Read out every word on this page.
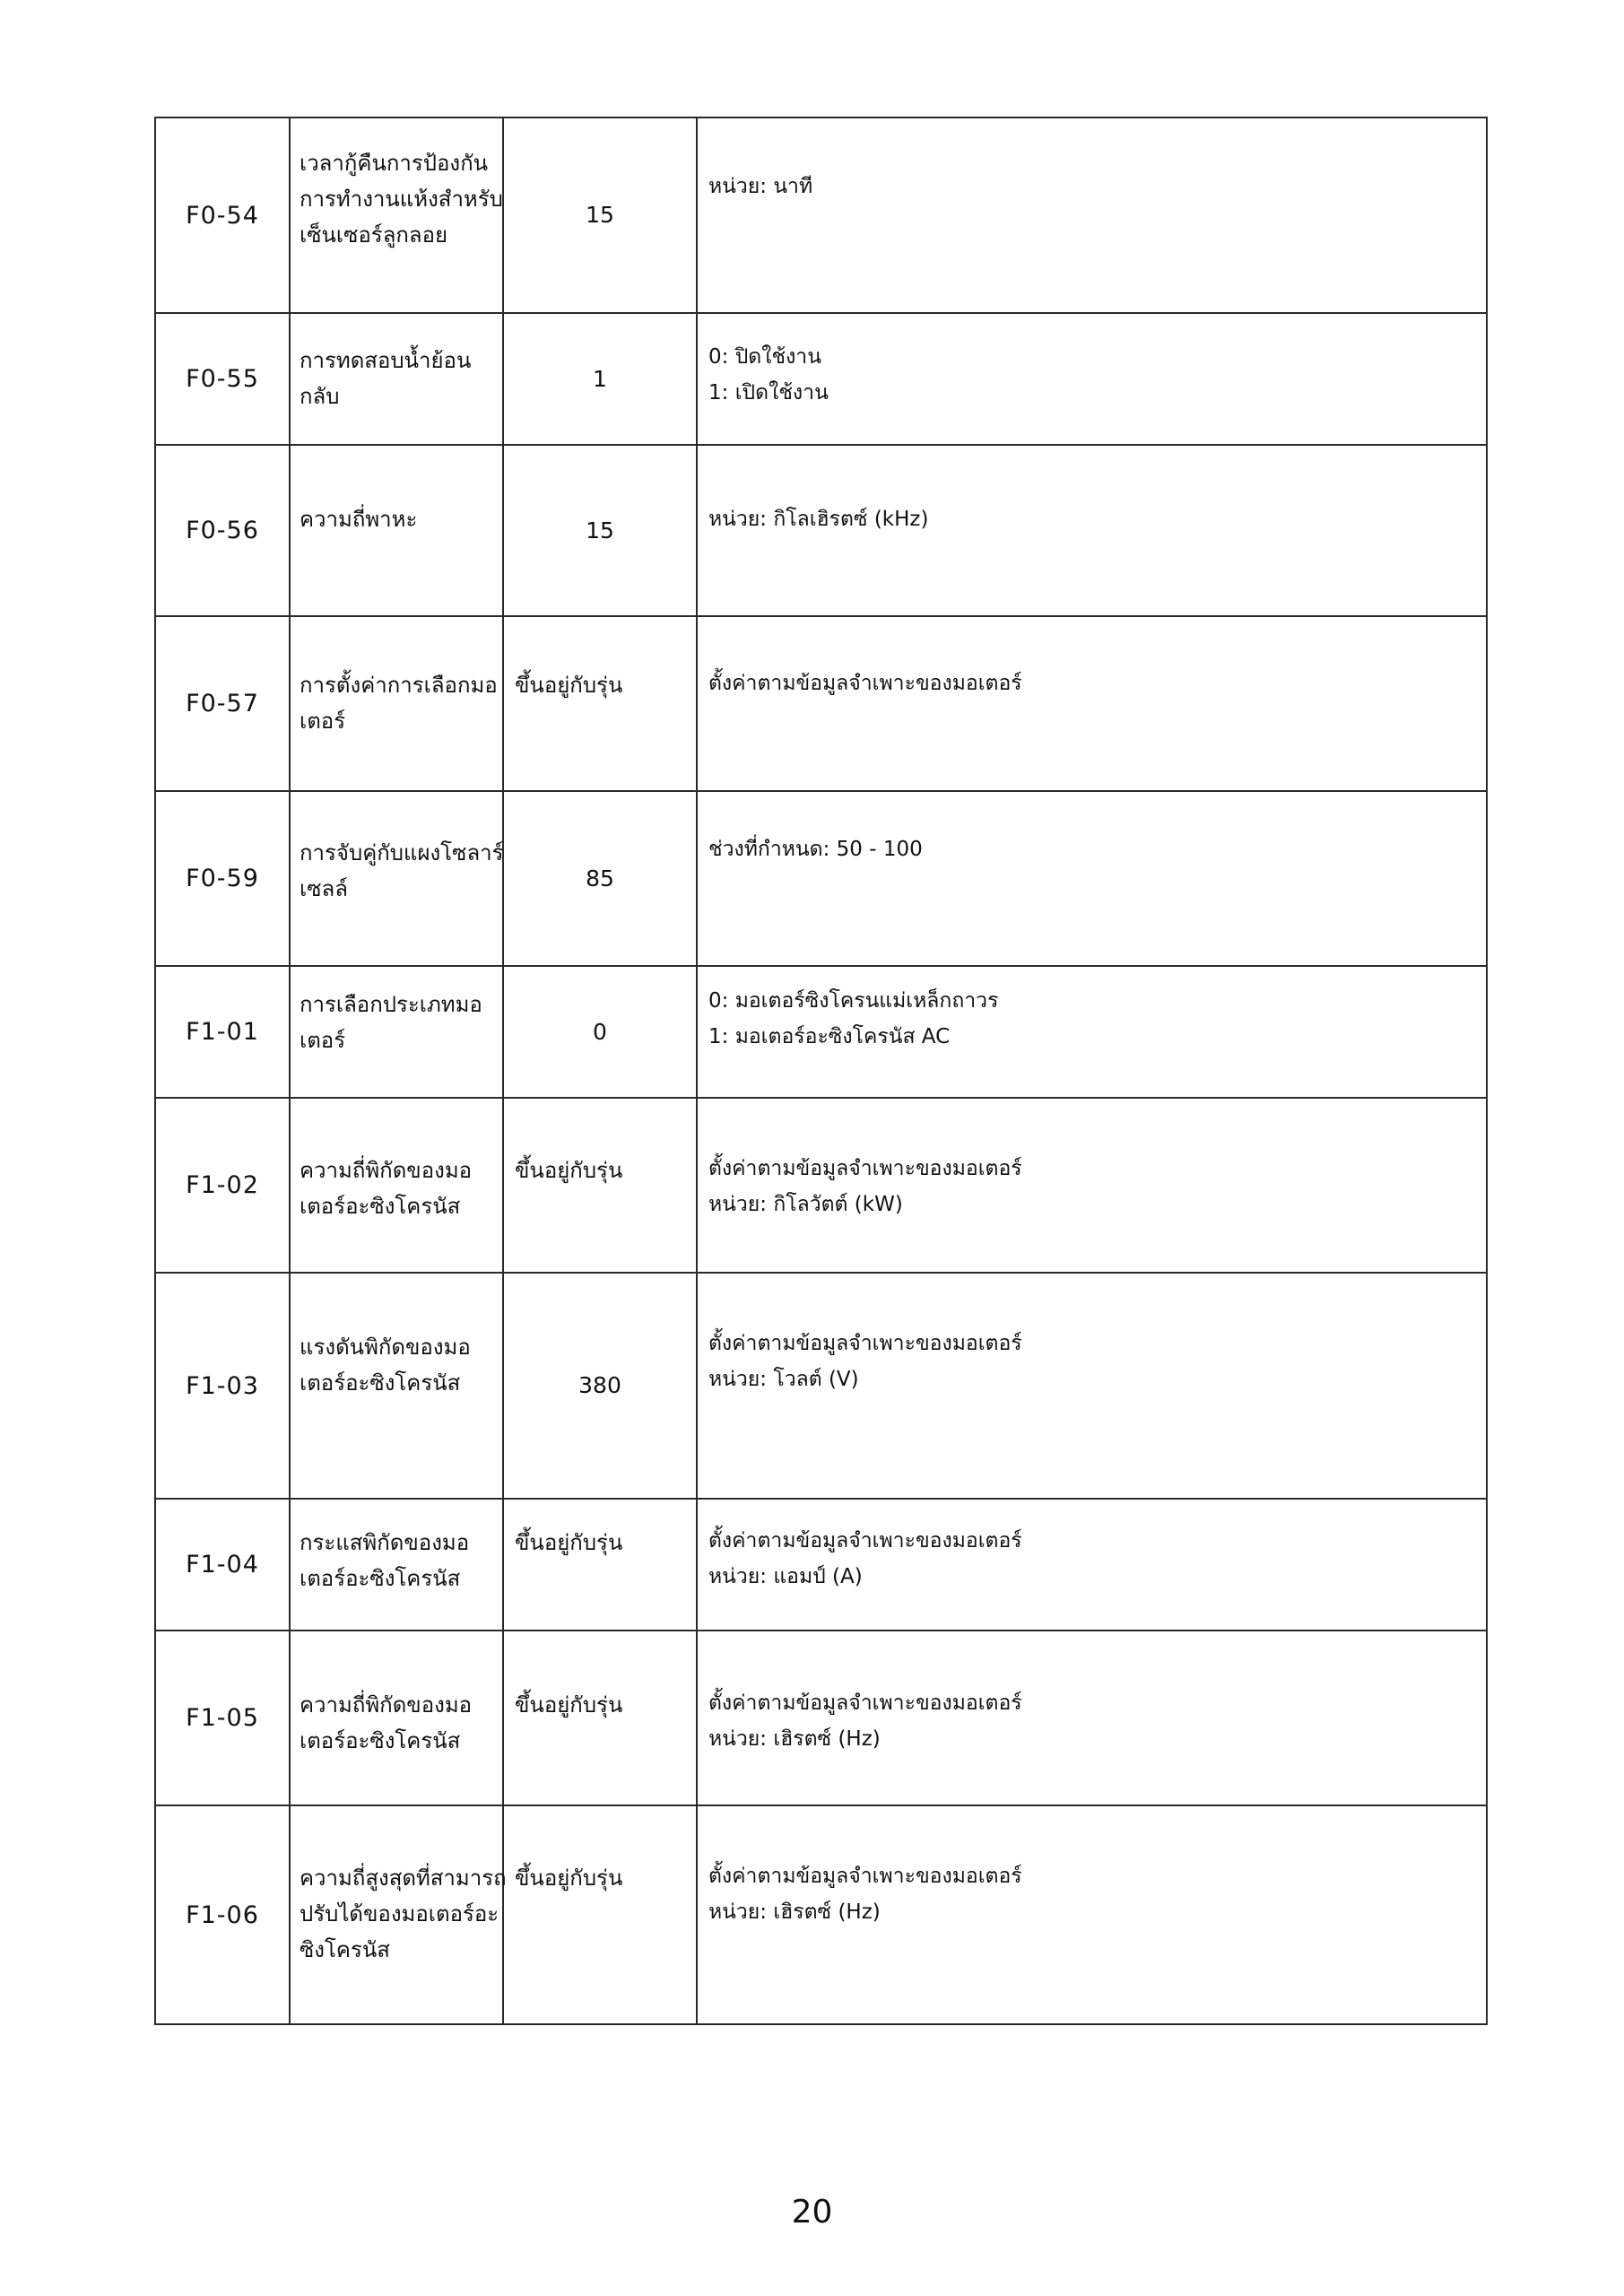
F0-54	เวลากู้คืนการป้องกัน
การทำงานแห้งสำหรับ
เซ็นเซอร์ลูกลอย	15	หน่วย: นาที

F0-55	การทดสอบน้ำย้อน
กลับ	1	0: ปิดใช้งาน
1: เปิดใช้งาน

F0-56	ความถี่พาหะ	15	หน่วย: กิโลเฮิรตซ์ (kHz)

F0-57	การตั้งค่าการเลือกมอ
เตอร์	ขึ้นอยู่กับรุ่น	ตั้งค่าตามข้อมูลจำเพาะของมอเตอร์

F0-59	การจับคู่กับแผงโซลาร์
เซลล์	85	ช่วงที่กำหนด: 50 - 100

F1-01	การเลือกประเภทมอ
เตอร์	0	0: มอเตอร์ซิงโครนแม่เหล็กถาวร
1: มอเตอร์อะซิงโครนัส AC

F1-02	ความถี่พิกัดของมอ
เตอร์อะซิงโครนัส	ขึ้นอยู่กับรุ่น	ตั้งค่าตามข้อมูลจำเพาะของมอเตอร์
หน่วย: กิโลวัตต์ (kW)

F1-03	แรงดันพิกัดของมอ
เตอร์อะซิงโครนัส	380	ตั้งค่าตามข้อมูลจำเพาะของมอเตอร์
หน่วย: โวลต์ (V)

F1-04	กระแสพิกัดของมอ
เตอร์อะซิงโครนัส	ขึ้นอยู่กับรุ่น	ตั้งค่าตามข้อมูลจำเพาะของมอเตอร์
หน่วย: แอมป์ (A)

F1-05	ความถี่พิกัดของมอ
เตอร์อะซิงโครนัส	ขึ้นอยู่กับรุ่น	ตั้งค่าตามข้อมูลจำเพาะของมอเตอร์
หน่วย: เฮิรตซ์ (Hz)

F1-06	ความถี่สูงสุดที่สามารถ
ปรับได้ของมอเตอร์อะ
ซิงโครนัส	ขึ้นอยู่กับรุ่น	ตั้งค่าตามข้อมูลจำเพาะของมอเตอร์
หน่วย: เฮิรตซ์ (Hz)
20
